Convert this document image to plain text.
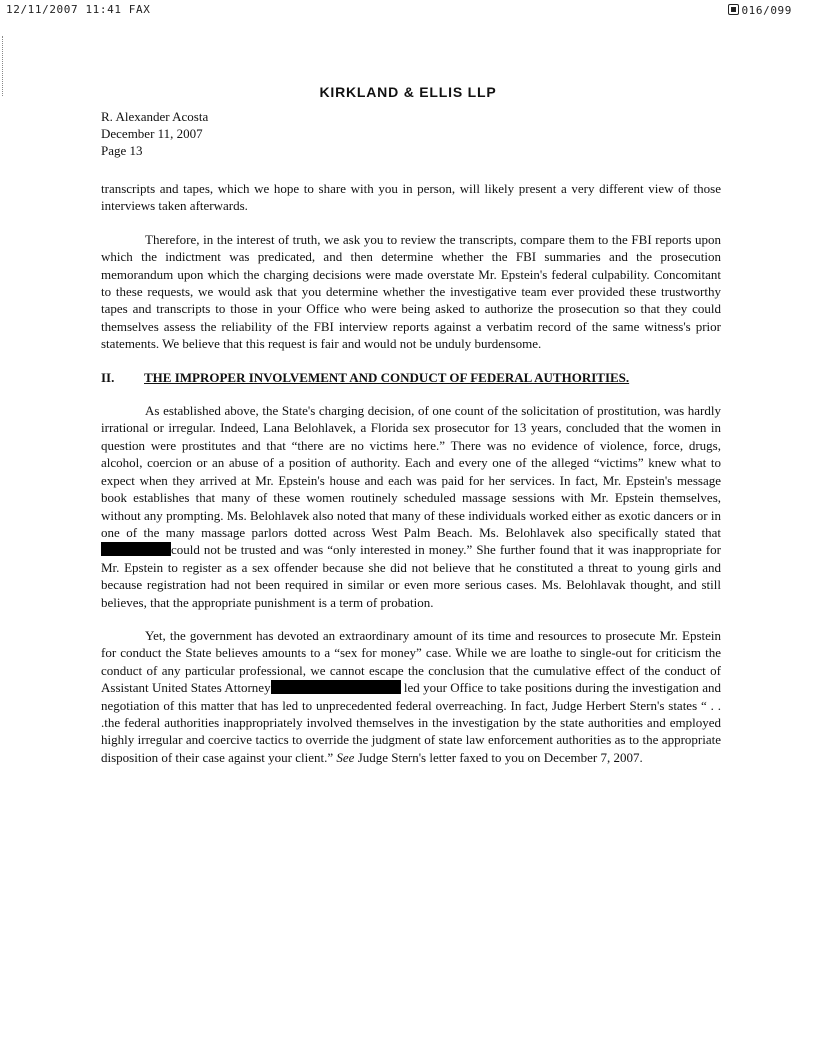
12/11/2007 11:41 FAX	016/099
KIRKLAND & ELLIS LLP
R. Alexander Acosta
December 11, 2007
Page 13

transcripts and tapes, which we hope to share with you in person, will likely present a very different view of those interviews taken afterwards.

Therefore, in the interest of truth, we ask you to review the transcripts, compare them to the FBI reports upon which the indictment was predicated, and then determine whether the FBI summaries and the prosecution memorandum upon which the charging decisions were made overstate Mr. Epstein's federal culpability. Concomitant to these requests, we would ask that you determine whether the investigative team ever provided these trustworthy tapes and transcripts to those in your Office who were being asked to authorize the prosecution so that they could themselves assess the reliability of the FBI interview reports against a verbatim record of the same witness's prior statements. We believe that this request is fair and would not be unduly burdensome.

II.	THE IMPROPER INVOLVEMENT AND CONDUCT OF FEDERAL AUTHORITIES.

As established above, the State's charging decision, of one count of the solicitation of prostitution, was hardly irrational or irregular. Indeed, Lana Belohlavek, a Florida sex prosecutor for 13 years, concluded that the women in question were prostitutes and that “there are no victims here.” There was no evidence of violence, force, drugs, alcohol, coercion or an abuse of a position of authority. Each and every one of the alleged “victims” knew what to expect when they arrived at Mr. Epstein's house and each was paid for her services. In fact, Mr. Epstein's message book establishes that many of these women routinely scheduled massage sessions with Mr. Epstein themselves, without any prompting. Ms. Belohlavek also noted that many of these individuals worked either as exotic dancers or in one of the many massage parlors dotted across West Palm Beach. Ms. Belohlavek also specifically stated that could not be trusted and was “only interested in money.” She further found that it was inappropriate for Mr. Epstein to register as a sex offender because she did not believe that he constituted a threat to young girls and because registration had not been required in similar or even more serious cases. Ms. Belohlavak thought, and still believes, that the appropriate punishment is a term of probation.

Yet, the government has devoted an extraordinary amount of its time and resources to prosecute Mr. Epstein for conduct the State believes amounts to a “sex for money” case. While we are loathe to single-out for criticism the conduct of any particular professional, we cannot escape the conclusion that the cumulative effect of the conduct of Assistant United States Attorney	led your Office to take positions during the investigation and negotiation of this matter that has led to unprecedented federal overreaching. In fact, Judge Herbert Stern's states “ . . .the federal authorities inappropriately involved themselves in the investigation by the state authorities and employed highly irregular and coercive tactics to override the judgment of state law enforcement authorities as to the appropriate disposition of their case against your client.” See Judge Stern's letter faxed to you on December 7, 2007.
